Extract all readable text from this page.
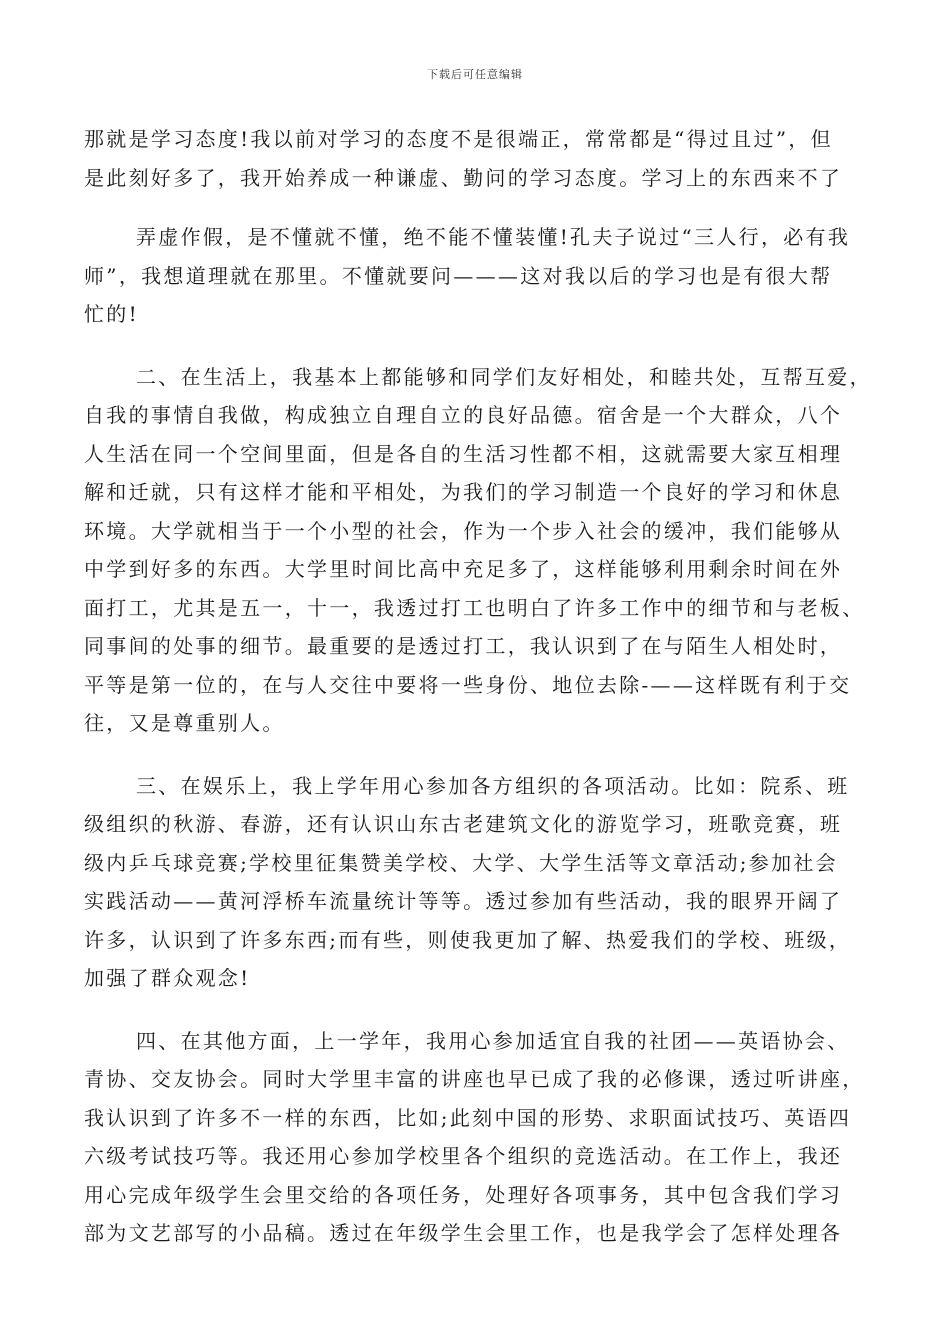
下载后可任意编辑
那就是学习态度!我以前对学习的态度不是很端正，常常都是“得过且过”，但
是此刻好多了，我开始养成一种谦虚、勤问的学习态度。学习上的东西来不了
弄虚作假，是不懂就不懂，绝不能不懂装懂!孔夫子说过“三人行，必有我
师”，我想道理就在那里。不懂就要问———这对我以后的学习也是有很大帮
忙的!
二、在生活上，我基本上都能够和同学们友好相处，和睦共处，互帮互爱，
自我的事情自我做，构成独立自理自立的良好品德。宿舍是一个大群众，八个
人生活在同一个空间里面，但是各自的生活习性都不相，这就需要大家互相理
解和迁就，只有这样才能和平相处，为我们的学习制造一个良好的学习和休息
环境。大学就相当于一个小型的社会，作为一个步入社会的缓冲，我们能够从
中学到好多的东西。大学里时间比高中充足多了，这样能够利用剩余时间在外
面打工，尤其是五一，十一，我透过打工也明白了许多工作中的细节和与老板、
同事间的处事的细节。最重要的是透过打工，我认识到了在与陌生人相处时，
平等是第一位的，在与人交往中要将一些身份、地位去除-——这样既有利于交
往，又是尊重别人。
三、在娱乐上，我上学年用心参加各方组织的各项活动。比如：院系、班
级组织的秋游、春游，还有认识山东古老建筑文化的游览学习，班歌竞赛，班
级内乒乓球竞赛;学校里征集赞美学校、大学、大学生活等文章活动;参加社会
实践活动——黄河浮桥车流量统计等等。透过参加有些活动，我的眼界开阔了
许多，认识到了许多东西;而有些，则使我更加了解、热爱我们的学校、班级，
加强了群众观念!
四、在其他方面，上一学年，我用心参加适宜自我的社团——英语协会、
青协、交友协会。同时大学里丰富的讲座也早已成了我的必修课，透过听讲座，
我认识到了许多不一样的东西，比如;此刻中国的形势、求职面试技巧、英语四
六级考试技巧等。我还用心参加学校里各个组织的竞选活动。在工作上，我还
用心完成年级学生会里交给的各项任务，处理好各项事务，其中包含我们学习
部为文艺部写的小品稿。透过在年级学生会里工作，也是我学会了怎样处理各
